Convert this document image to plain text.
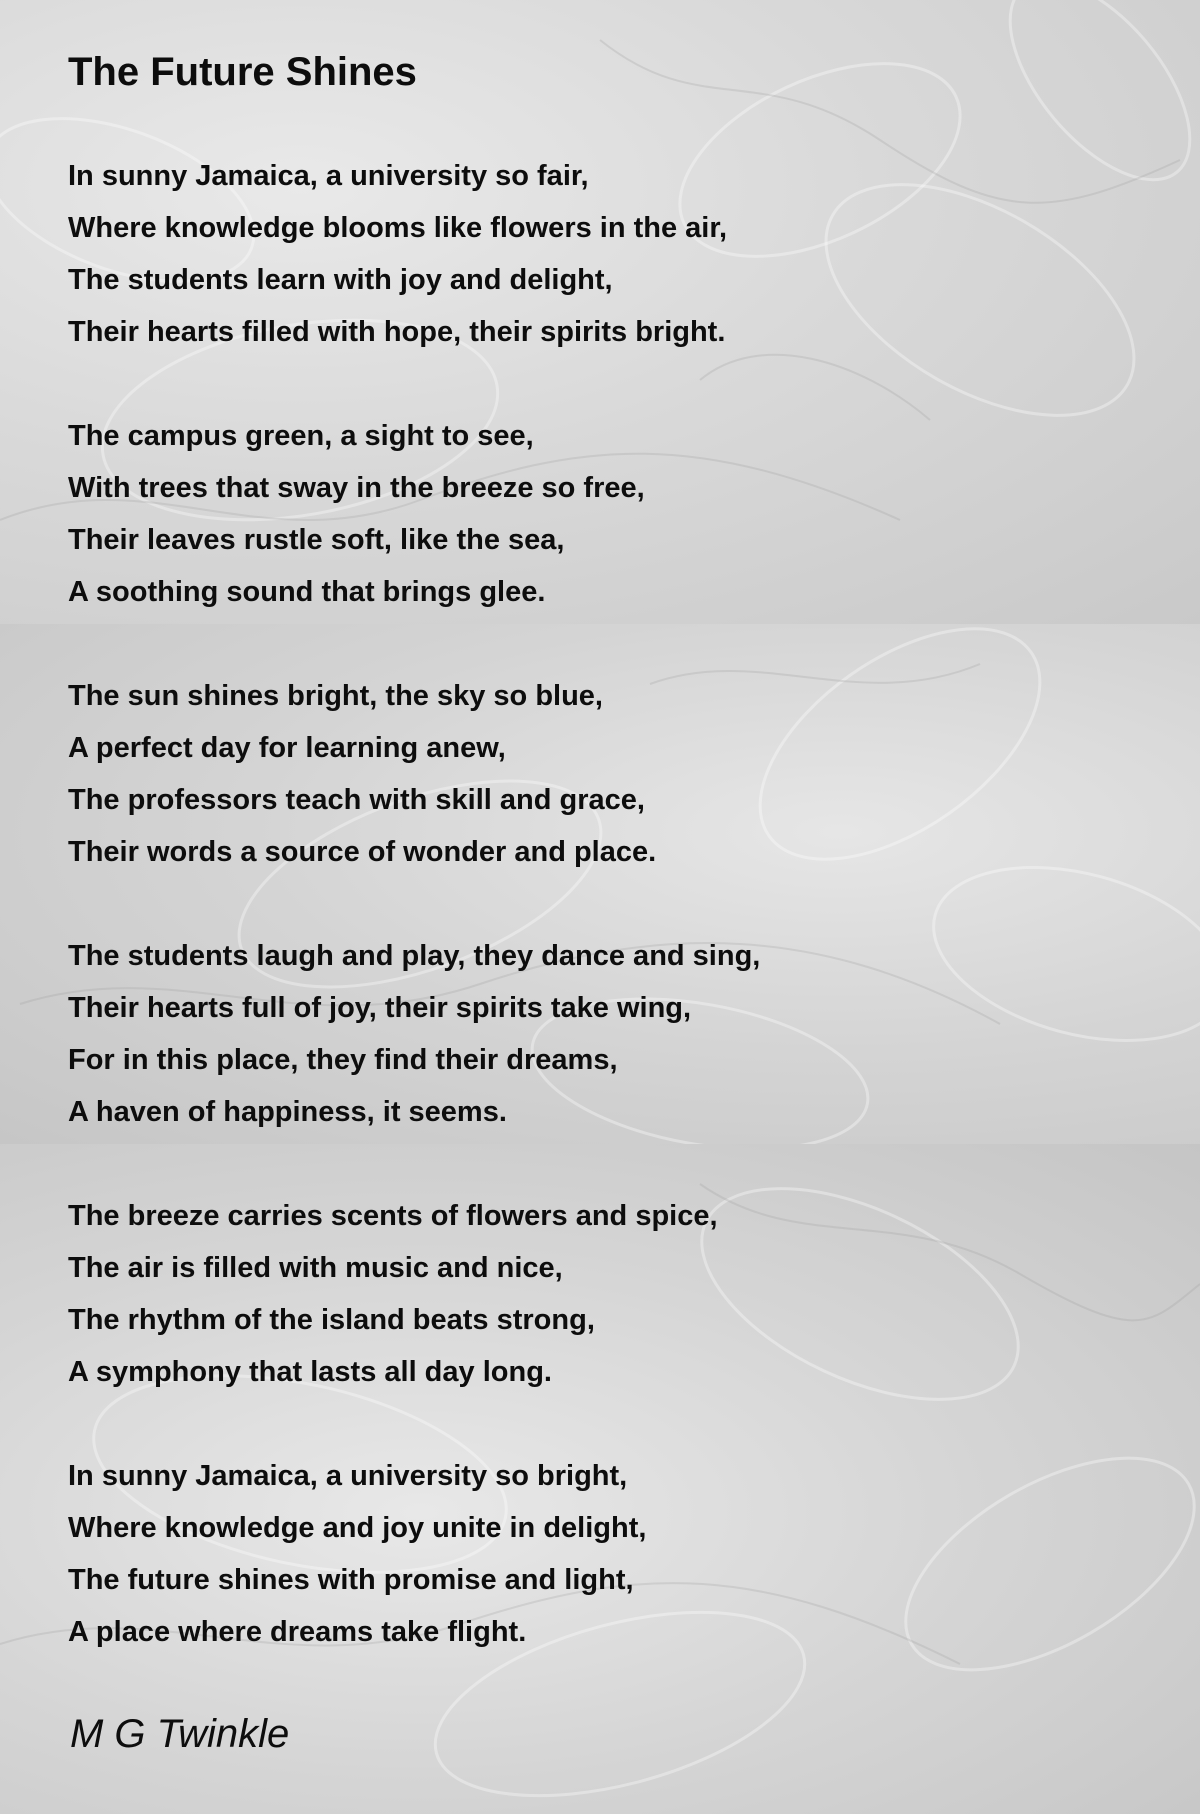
The Future Shines

In sunny Jamaica, a university so fair,
Where knowledge blooms like flowers in the air,
The students learn with joy and delight,
Their hearts filled with hope, their spirits bright.

The campus green, a sight to see,
With trees that sway in the breeze so free,
Their leaves rustle soft, like the sea,
A soothing sound that brings glee.

The sun shines bright, the sky so blue,
A perfect day for learning anew,
The professors teach with skill and grace,
Their words a source of wonder and place.

The students laugh and play, they dance and sing,
Their hearts full of joy, their spirits take wing,
For in this place, they find their dreams,
A haven of happiness, it seems.

The breeze carries scents of flowers and spice,
The air is filled with music and nice,
The rhythm of the island beats strong,
A symphony that lasts all day long.

In sunny Jamaica, a university so bright,
Where knowledge and joy unite in delight,
The future shines with promise and light,
A place where dreams take flight.

M G Twinkle
